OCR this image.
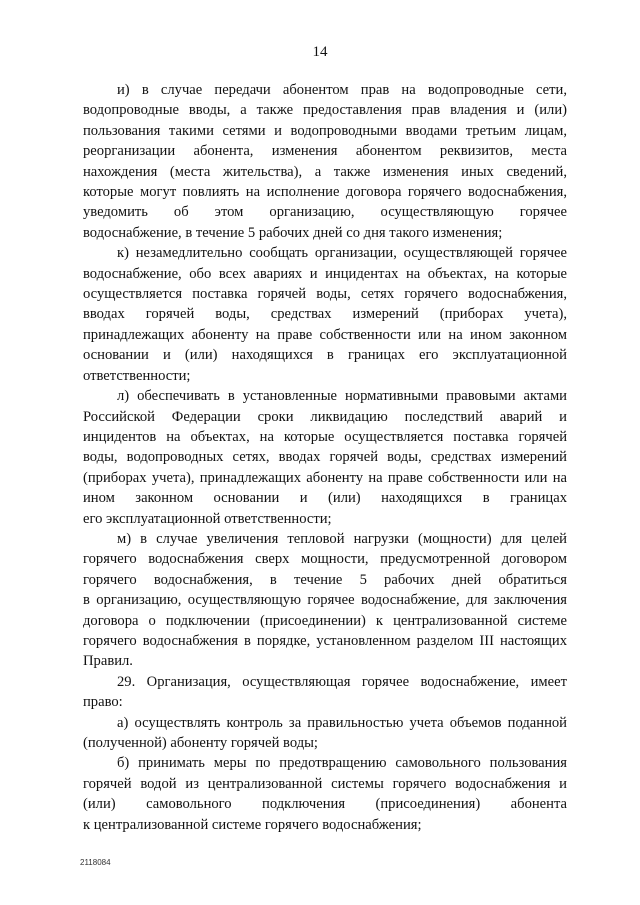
14

и) в случае передачи абонентом прав на водопроводные сети,
водопроводные вводы, а также предоставления прав владения и (или)
пользования такими сетями и водопроводными вводами третьим лицам,
реорганизации абонента, изменения абонентом реквизитов, места
нахождения (места жительства), а также изменения иных сведений,
которые могут повлиять на исполнение договора горячего водоснабжения,
уведомить об этом организацию, осуществляющую горячее
водоснабжение, в течение 5 рабочих дней со дня такого изменения;

к) незамедлительно сообщать организации, осуществляющей горячее
водоснабжение, обо всех авариях и инцидентах на объектах, на которые
осуществляется поставка горячей воды, сетях горячего водоснабжения,
вводах горячей воды, средствах измерений (приборах учета),
принадлежащих абоненту на праве собственности или на ином законном
основании и (или) находящихся в границах его эксплуатационной
ответственности;

л) обеспечивать в установленные нормативными правовыми актами
Российской Федерации сроки ликвидацию последствий аварий и
инцидентов на объектах, на которые осуществляется поставка горячей
воды, водопроводных сетях, вводах горячей воды, средствах измерений
(приборах учета), принадлежащих абоненту на праве собственности или на
ином законном основании и (или) находящихся в границах
его эксплуатационной ответственности;

м) в случае увеличения тепловой нагрузки (мощности) для целей
горячего водоснабжения сверх мощности, предусмотренной договором
горячего водоснабжения, в течение 5 рабочих дней обратиться
в организацию, осуществляющую горячее водоснабжение, для заключения
договора о подключении (присоединении) к централизованной системе
горячего водоснабжения в порядке, установленном разделом III настоящих
Правил.

29. Организация, осуществляющая горячее водоснабжение, имеет
право:

а) осуществлять контроль за правильностью учета объемов поданной
(полученной) абоненту горячей воды;

б) принимать меры по предотвращению самовольного пользования
горячей водой из централизованной системы горячего водоснабжения и
(или) самовольного подключения (присоединения) абонента
к централизованной системе горячего водоснабжения;

2118084
